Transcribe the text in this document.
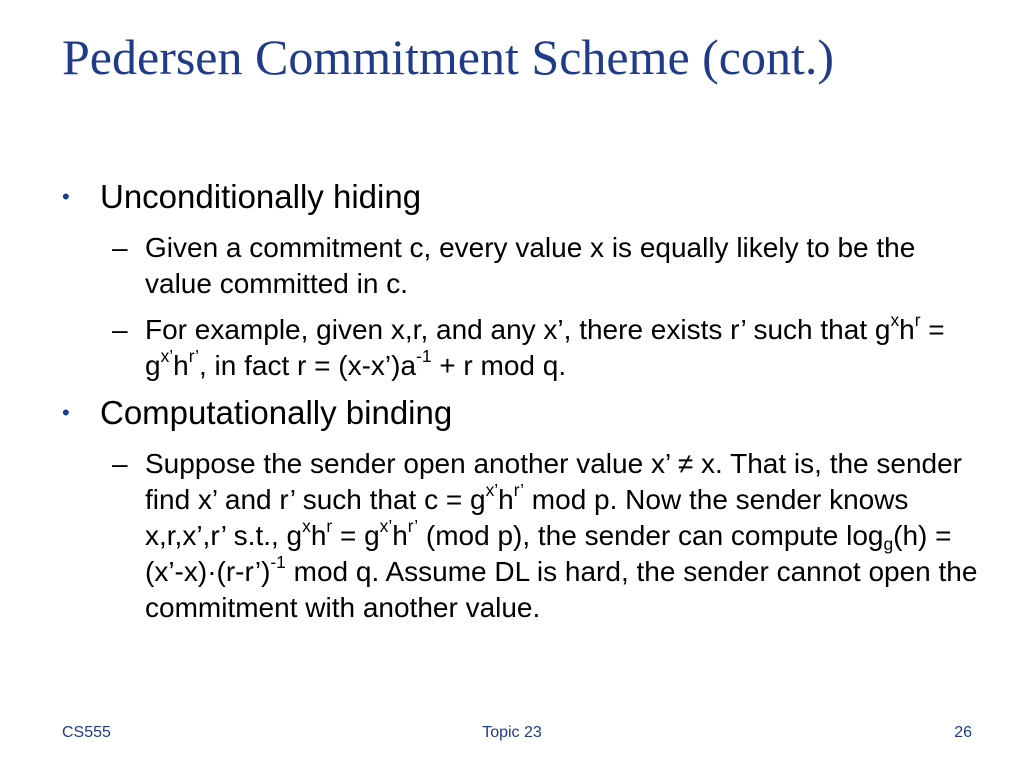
Pedersen Commitment Scheme (cont.)
• Unconditionally hiding
– Given a commitment c, every value x is equally likely to be the value committed in c.
– For example, given x,r, and any x’, there exists r’ such that $g^xh^r = g^{x’}h^{r’}$, in fact $r = (x-x’)a^{-1} + r$ mod q.
• Computationally binding
– Suppose the sender open another value x’ ≠ x. That is, the sender find x’ and r’ such that $c = g^{x’}h^{r’}$ mod p. Now the sender knows x,r,x’,r’ s.t., $g^xh^r = g^{x’}h^{r’}$ (mod p), the sender can compute $\log_g(h)$ = (x’-x)·(r-r’)$^{-1}$ mod q. Assume DL is hard, the sender cannot open the commitment with another value.
CS555	Topic 23	26
